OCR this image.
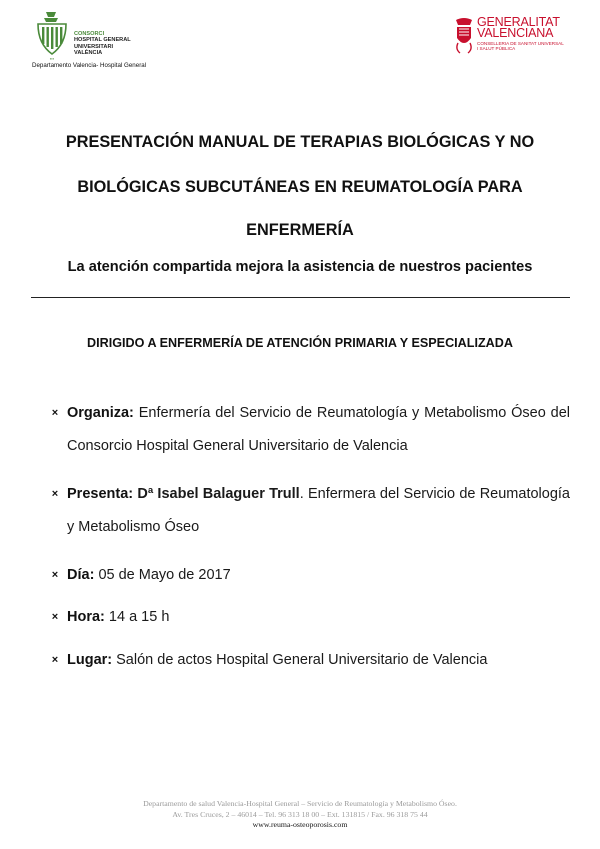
▪▪▪
CONSORCI
HOSPITAL GENERAL
UNIVERSITARI
VALÈNCIA
Departamento Valencia- Hospital General
GENERALITAT
VALENCIANA
CONSELLERIA DE SANITAT UNIVERSAL
I SALUT PÚBLICA
PRESENTACIÓN MANUAL DE TERAPIAS BIOLÓGICAS Y NO
BIOLÓGICAS SUBCUTÁNEAS EN REUMATOLOGÍA PARA
ENFERMERÍA
La atención compartida mejora la asistencia de nuestros pacientes
DIRIGIDO A ENFERMERÍA DE ATENCIÓN PRIMARIA Y ESPECIALIZADA
× Organiza: Enfermería del Servicio de Reumatología y Metabolismo Óseo del Consorcio Hospital General Universitario de Valencia
× Presenta: Dª Isabel Balaguer Trull. Enfermera del Servicio de Reumatología y Metabolismo Óseo
× Día: 05 de Mayo de 2017
× Hora: 14 a 15 h
× Lugar: Salón de actos Hospital General Universitario de Valencia
Departamento de salud Valencia-Hospital General – Servicio de Reumatología y Metabolismo Óseo.
Av. Tres Cruces, 2 – 46014 – Tel. 96 313 18 00 – Ext. 131815 / Fax. 96 318 75 44
www.reuma-osteoporosis.com
